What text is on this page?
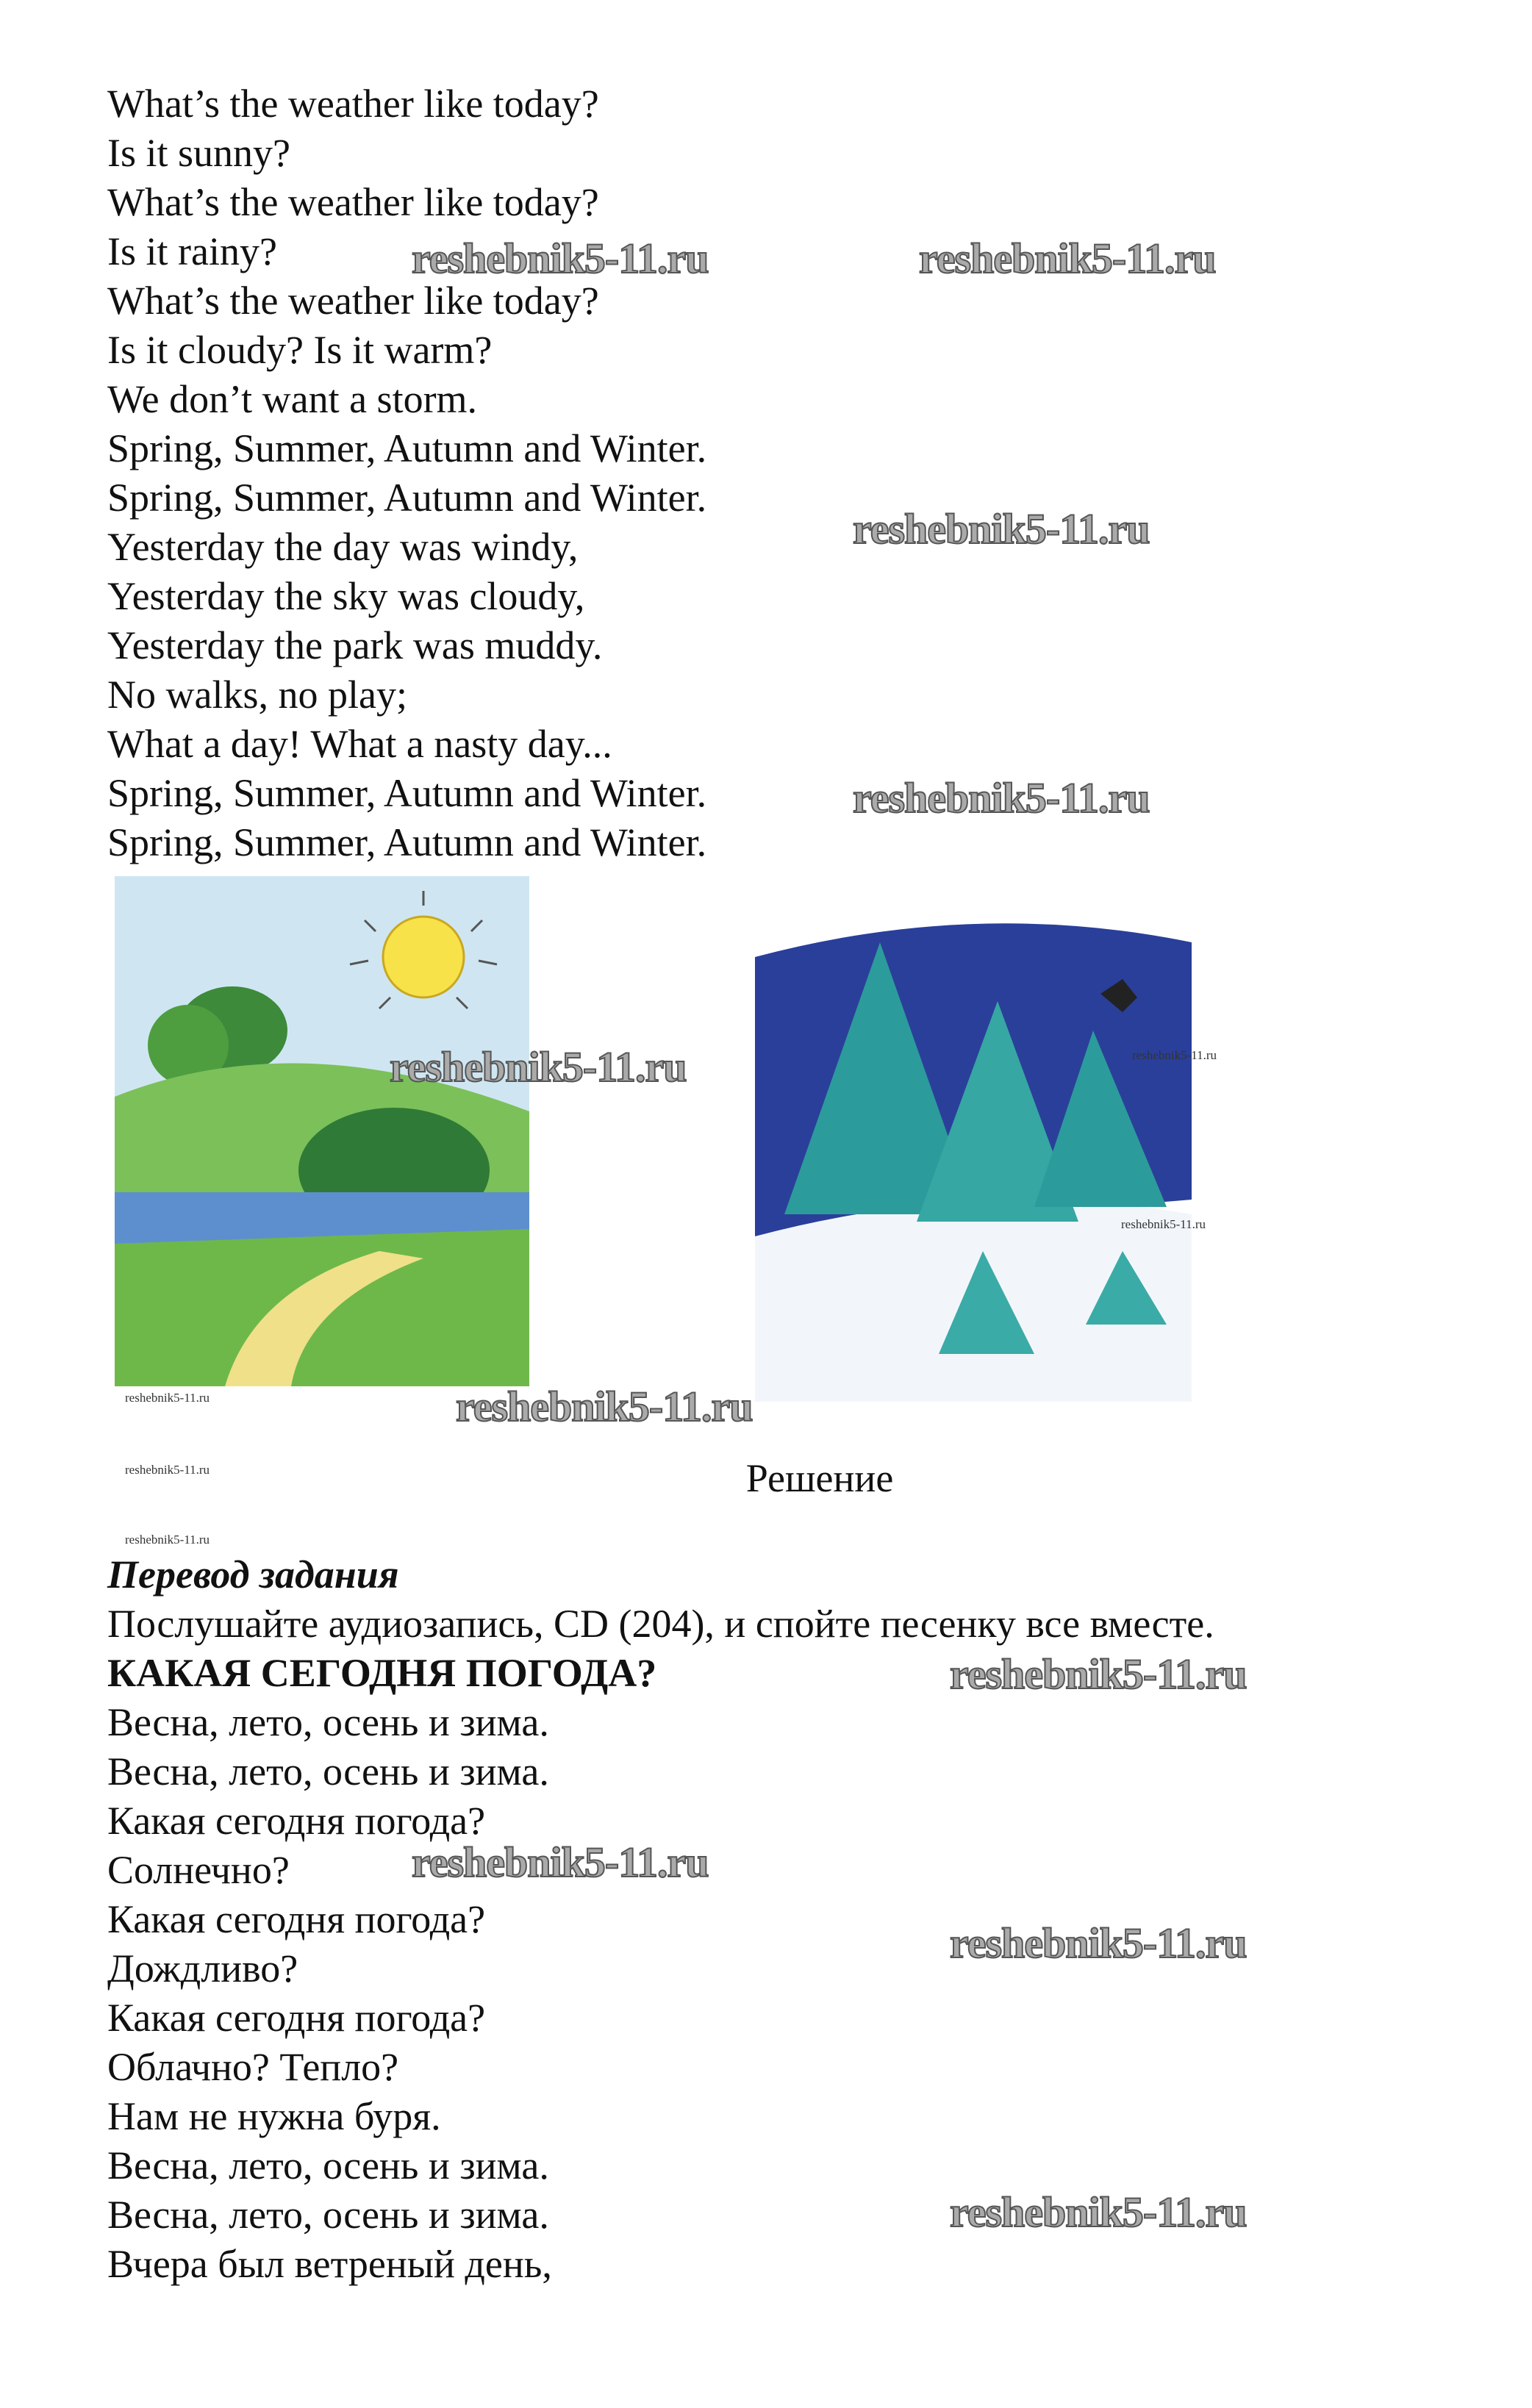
What’s the weather like today?
Is it sunny?
What’s the weather like today?
Is it rainy?
What’s the weather like today?
Is it cloudy? Is it warm?
We don’t want a storm.
Spring, Summer, Autumn and Winter.
Spring, Summer, Autumn and Winter.
Yesterday the day was windy,
Yesterday the sky was cloudy,
Yesterday the park was muddy.
No walks, no play;
What a day! What a nasty day...
Spring, Summer, Autumn and Winter.
Spring, Summer, Autumn and Winter.
Решение
Перевод задания
Послушайте аудиозапись, CD (204), и спойте песенку все вместе.
КАКАЯ СЕГОДНЯ ПОГОДА?
Весна, лето, осень и зима.
Весна, лето, осень и зима.
Какая сегодня погода?
Солнечно?
Какая сегодня погода?
Дождливо?
Какая сегодня погода?
Облачно? Тепло?
Нам не нужна буря.
Весна, лето, осень и зима.
Весна, лето, осень и зима.
Вчера был ветреный день,
reshebnik5-11.ru	reshebnik5-11.ru
reshebnik5-11.ru
reshebnik5-11.ru
reshebnik5-11.ru
reshebnik5-11.ru
reshebnik5-11.ru
reshebnik5-11.ru
reshebnik5-11.ru
reshebnik5-11.ru
reshebnik5-11.ru
reshebnik5-11.ru
reshebnik5-11.ru
reshebnik5-11.ru
reshebnik5-11.ru
